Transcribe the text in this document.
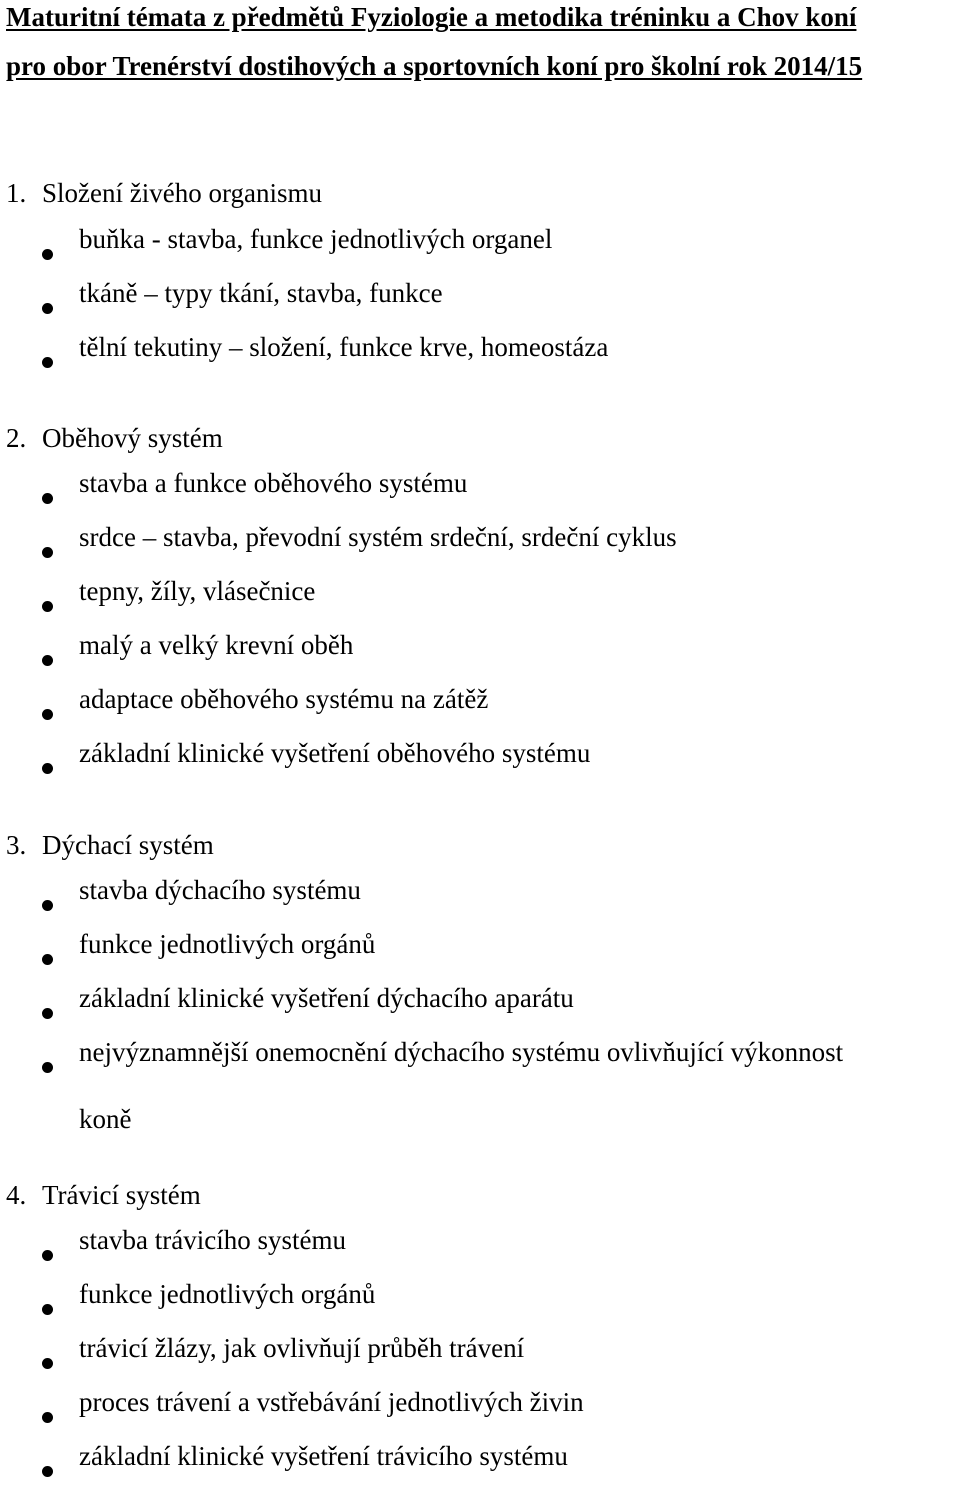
Maturitní témata z předmětů Fyziologie a metodika tréninku a Chov koní
pro obor Trenérství dostihových a sportovních koní pro školní rok 2014/15
1. Složení živého organismu
buňka - stavba, funkce jednotlivých organel
tkáně – typy tkání, stavba, funkce
tělní tekutiny – složení, funkce krve, homeostáza
2. Oběhový systém
stavba a funkce oběhového systému
srdce – stavba, převodní systém srdeční, srdeční cyklus
tepny, žíly, vlásečnice
malý a velký krevní oběh
adaptace oběhového systému na zátěž
základní klinické vyšetření oběhového systému
3. Dýchací systém
stavba dýchacího systému
funkce jednotlivých orgánů
základní klinické vyšetření dýchacího aparátu
nejvýznamnější onemocnění dýchacího systému ovlivňující výkonnost
koně
4. Trávicí systém
stavba trávicího systému
funkce jednotlivých orgánů
trávicí žlázy, jak ovlivňují průběh trávení
proces trávení a vstřebávání jednotlivých živin
základní klinické vyšetření trávicího systému
